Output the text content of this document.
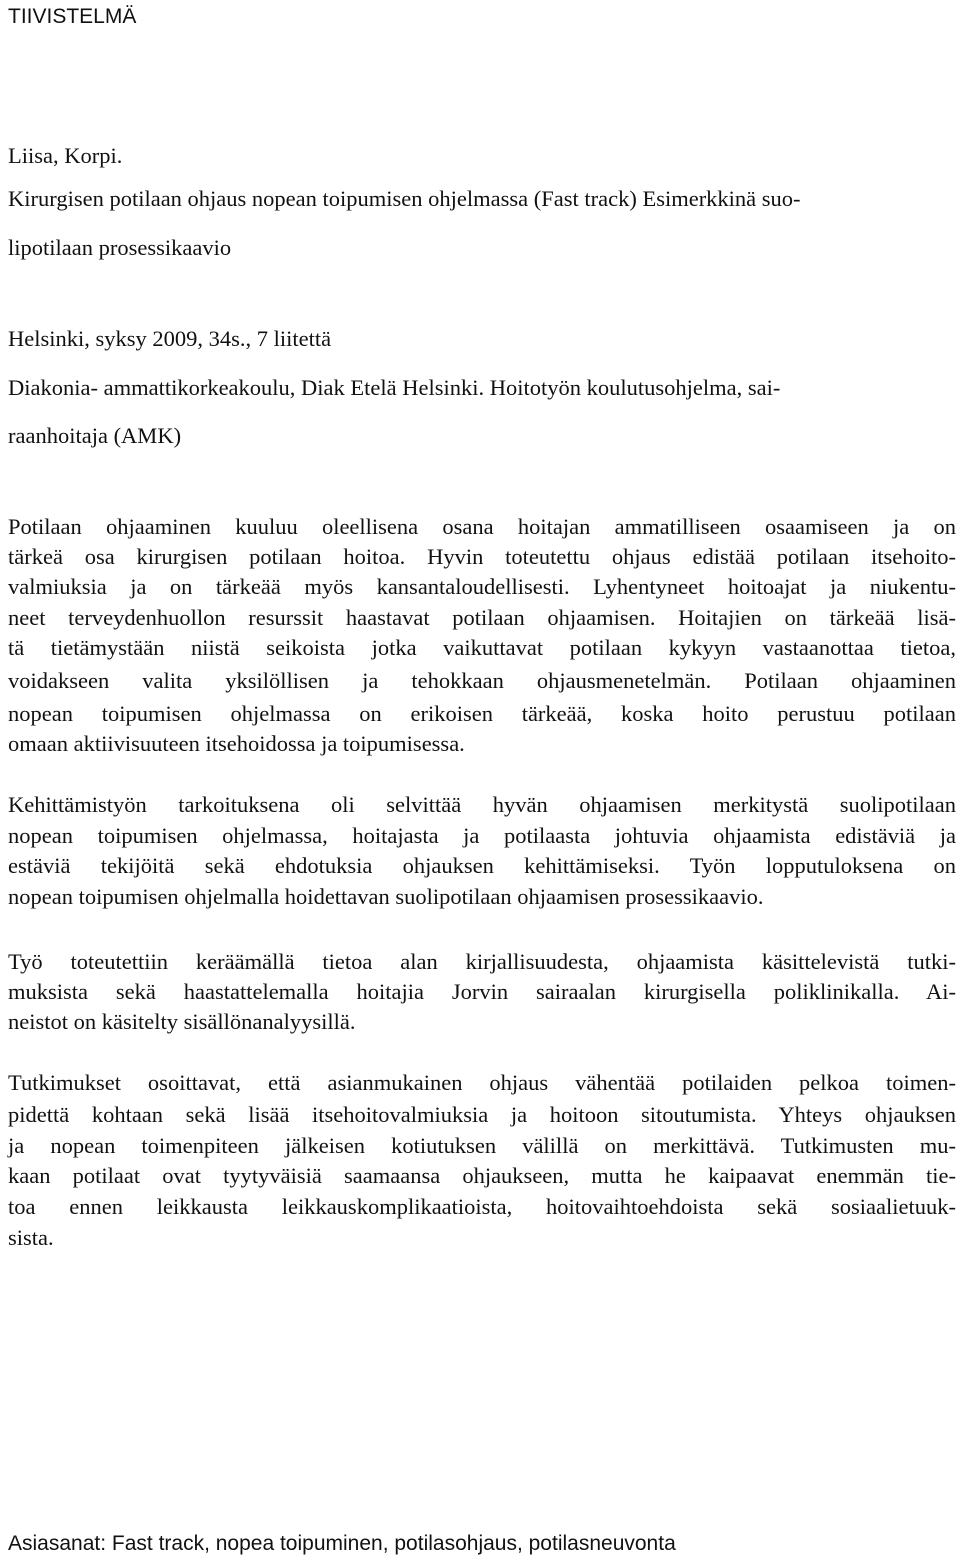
TIIVISTELMÄ
Liisa, Korpi.
Kirurgisen potilaan ohjaus nopean toipumisen ohjelmassa (Fast track) Esimerkkinä suo-
lipotilaan prosessikaavio
Helsinki, syksy 2009, 34s., 7 liitettä
Diakonia- ammattikorkeakoulu, Diak Etelä Helsinki. Hoitotyön koulutusohjelma, sai-
raanhoitaja (AMK)
Potilaan ohjaaminen kuuluu oleellisena osana hoitajan ammatilliseen osaamiseen ja on
tärkeä osa kirurgisen potilaan hoitoa. Hyvin toteutettu ohjaus edistää potilaan itsehoito-
valmiuksia ja on tärkeää myös kansantaloudellisesti. Lyhentyneet hoitoajat ja niukentu-
neet terveydenhuollon resurssit haastavat potilaan ohjaamisen. Hoitajien on tärkeää lisä-
tä tietämystään niistä seikoista jotka vaikuttavat potilaan kykyyn vastaanottaa tietoa,
voidakseen valita yksilöllisen ja tehokkaan ohjausmenetelmän. Potilaan ohjaaminen
nopean toipumisen ohjelmassa on erikoisen tärkeää, koska hoito perustuu potilaan
omaan aktiivisuuteen itsehoidossa ja toipumisessa.
Kehittämistyön tarkoituksena oli selvittää hyvän ohjaamisen merkitystä suolipotilaan
nopean toipumisen ohjelmassa, hoitajasta ja potilaasta johtuvia ohjaamista edistäviä ja
estäviä tekijöitä sekä ehdotuksia ohjauksen kehittämiseksi. Työn lopputuloksena on
nopean toipumisen ohjelmalla hoidettavan suolipotilaan ohjaamisen prosessikaavio.
Työ toteutettiin keräämällä tietoa alan kirjallisuudesta, ohjaamista käsittelevistä tutki-
muksista sekä haastattelemalla hoitajia Jorvin sairaalan kirurgisella poliklinikalla. Ai-
neistot on käsitelty sisällönanalyysillä.
Tutkimukset osoittavat, että asianmukainen ohjaus vähentää potilaiden pelkoa toimen-
pidettä kohtaan sekä lisää itsehoitovalmiuksia ja hoitoon sitoutumista. Yhteys ohjauksen
ja nopean toimenpiteen jälkeisen kotiutuksen välillä on merkittävä. Tutkimusten mu-
kaan potilaat ovat tyytyväisiä saamaansa ohjaukseen, mutta he kaipaavat enemmän tie-
toa ennen leikkausta leikkauskomplikaatioista, hoitovaihtoehdoista sekä sosiaalietuuk-
sista.
Asiasanat: Fast track, nopea toipuminen, potilasohjaus, potilasneuvonta
